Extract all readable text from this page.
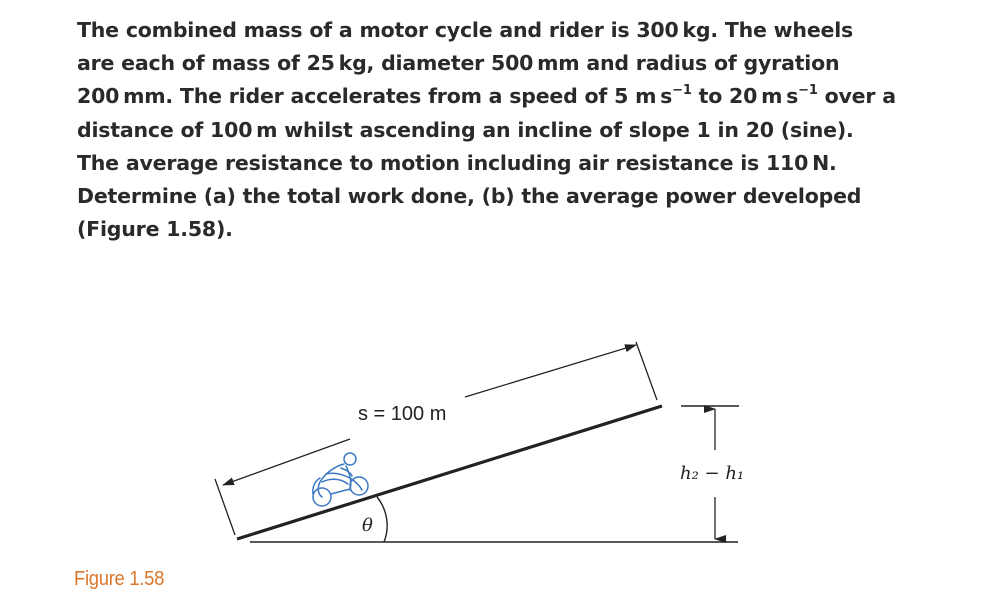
The combined mass of a motor cycle and rider is 300 kg. The wheels
are each of mass of 25 kg, diameter 500 mm and radius of gyration
200 mm. The rider accelerates from a speed of 5 m $s^{-1}$ to 20 m $s^{-1}$ over a
distance of 100 m whilst ascending an incline of slope 1 in 20 (sine).
The average resistance to motion including air resistance is 110 N.
Determine (a) the total work done, (b) the average power developed
(Figure 1.58).
s = 100 m
θ
h₂ − h₁
Figure 1.58
